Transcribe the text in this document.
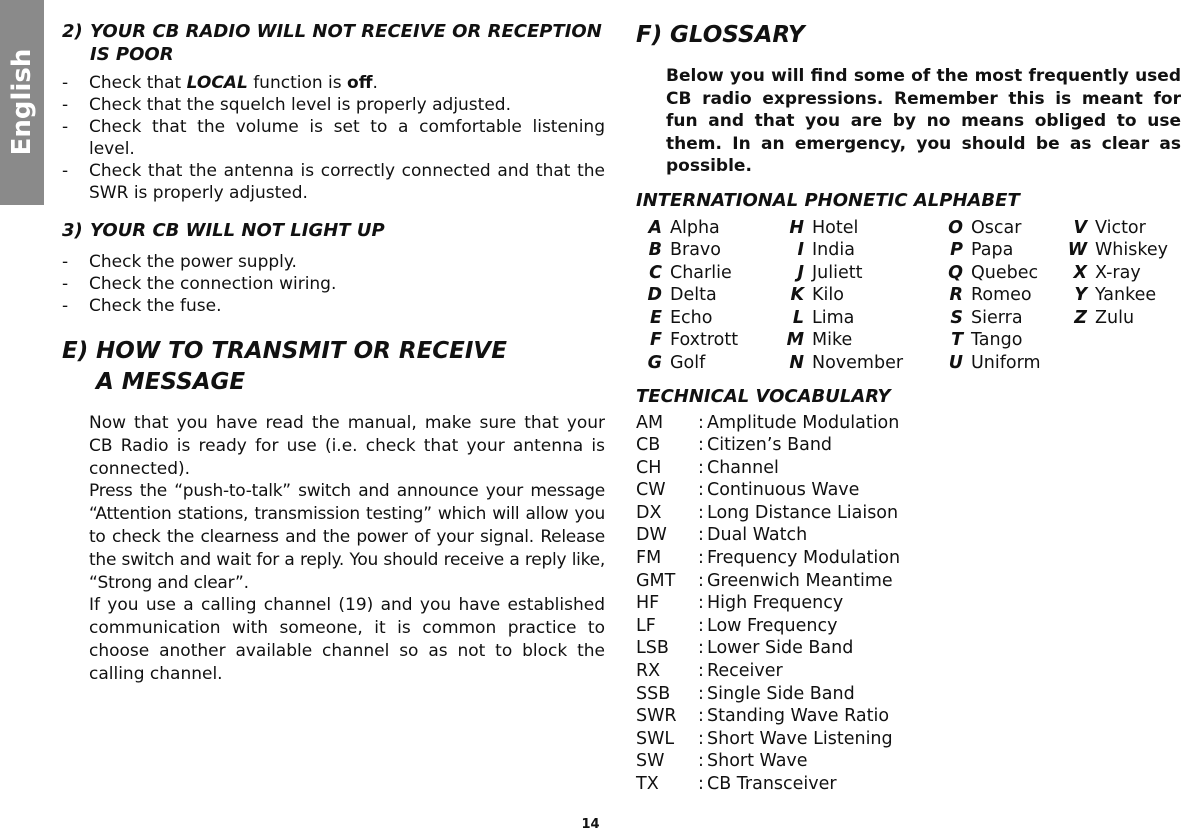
English
2) YOUR CB RADIO WILL NOT RECEIVE OR RECEPTION IS POOR
-	Check that LOCAL function is off.
-	Check that the squelch level is properly adjusted.
-	Check that the volume is set to a comfortable listening level.
-	Check that the antenna is correctly connected and that the SWR is properly adjusted.
3) YOUR CB WILL NOT LIGHT UP
-	Check the power supply.
-	Check the connection wiring.
-	Check the fuse.
E) HOW TO TRANSMIT OR RECEIVE A MESSAGE

Now that you have read the manual, make sure that your CB Radio is ready for use (i.e. check that your antenna is connected).

Press the “push-to-talk” switch and announce your message “Attention stations, transmission testing” which will allow you to check the clearness and the power of your signal. Release the switch and wait for a reply. You should receive a reply like, “Strong and clear”.

If you use a calling channel (19) and you have established communication with someone, it is common practice to choose another available channel so as not to block the calling channel.

F) GLOSSARY
Below you will find some of the most frequently used CB radio expressions. Remember this is meant for fun and that you are by no means obliged to use them. In an emergency, you should be as clear as possible.
INTERNATIONAL PHONETIC ALPHABET
A Alpha
B Bravo
C Charlie
D Delta
E Echo
F Foxtrott
G Golf
H Hotel
I India
J Juliett
K Kilo
L Lima
M Mike
N November
O Oscar
P Papa
Q Quebec
R Romeo
S Sierra
T Tango
U Uniform
V Victor
W Whiskey
X X-ray
Y Yankee
Z Zulu
TECHNICAL VOCABULARY
AM	: Amplitude Modulation
CB	: Citizen’s Band
CH	: Channel
CW	: Continuous Wave
DX	: Long Distance Liaison
DW	: Dual Watch
FM	: Frequency Modulation
GMT	: Greenwich Meantime
HF	: High Frequency
LF	: Low Frequency
LSB	: Lower Side Band
RX	: Receiver
SSB	: Single Side Band
SWR	: Standing Wave Ratio
SWL	: Short Wave Listening
SW	: Short Wave
TX	: CB Transceiver
14
